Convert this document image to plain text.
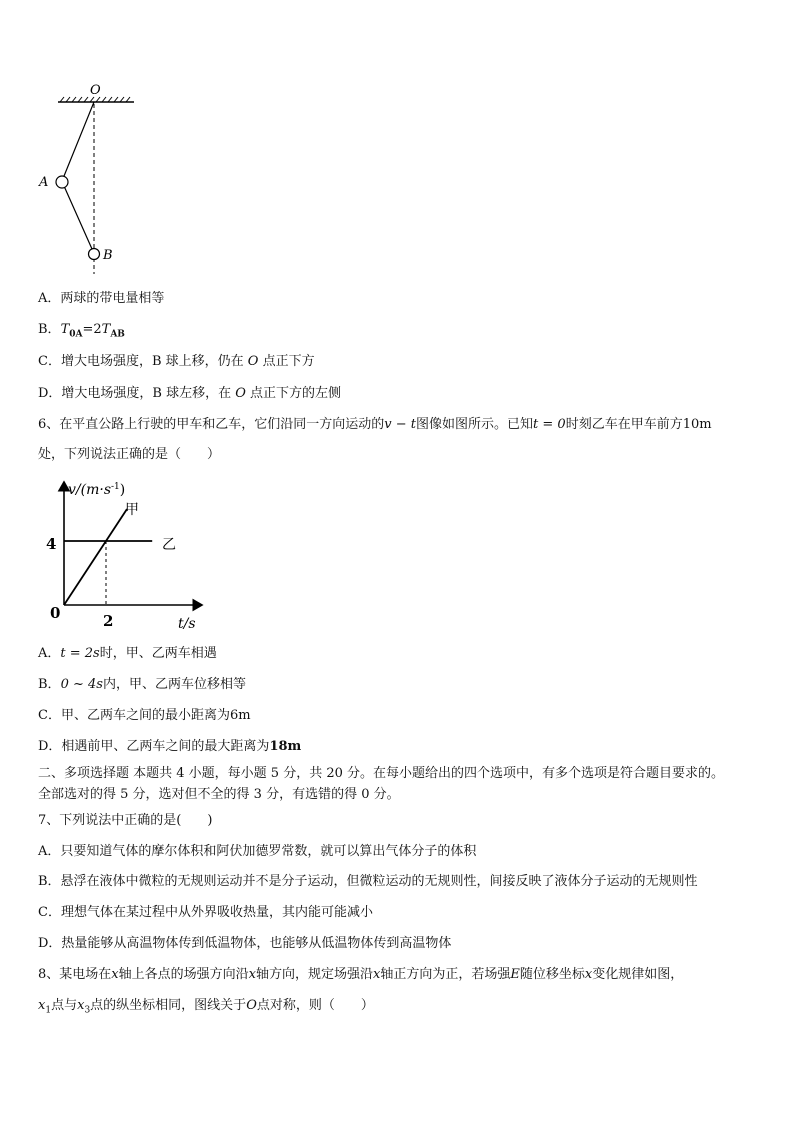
O
A
B
A．两球的带电量相等
B．$T_{0A}=2T_{AB}$
C．增大电场强度，B 球上移，仍在 O 点正下方
D．增大电场强度，B 球左移，在 O 点正下方的左侧
6、在平直公路上行驶的甲车和乙车，它们沿同一方向运动的v − t图像如图所示。已知t = 0时刻乙车在甲车前方10m
处，下列说法正确的是（　　）
$v/(m\cdot s^{-1})$
t/s
0
4
2
甲
乙
A．t = 2s时，甲、乙两车相遇
B．0 ~ 4s内，甲、乙两车位移相等
C．甲、乙两车之间的最小距离为6m
D．相遇前甲、乙两车之间的最大距离为18m
二、多项选择题 本题共 4 小题，每小题 5 分，共 20 分。在每小题给出的四个选项中，有多个选项是符合题目要求的。
全部选对的得 5 分，选对但不全的得 3 分，有选错的得 0 分。
7、下列说法中正确的是(　　)
A．只要知道气体的摩尔体积和阿伏加德罗常数，就可以算出气体分子的体积
B．悬浮在液体中微粒的无规则运动并不是分子运动，但微粒运动的无规则性，间接反映了液体分子运动的无规则性
C．理想气体在某过程中从外界吸收热量，其内能可能减小
D．热量能够从高温物体传到低温物体，也能够从低温物体传到高温物体
8、某电场在x轴上各点的场强方向沿x轴方向，规定场强沿x轴正方向为正，若场强E随位移坐标x变化规律如图，
$x_1$点与$x_3$点的纵坐标相同，图线关于O点对称，则（　　）
